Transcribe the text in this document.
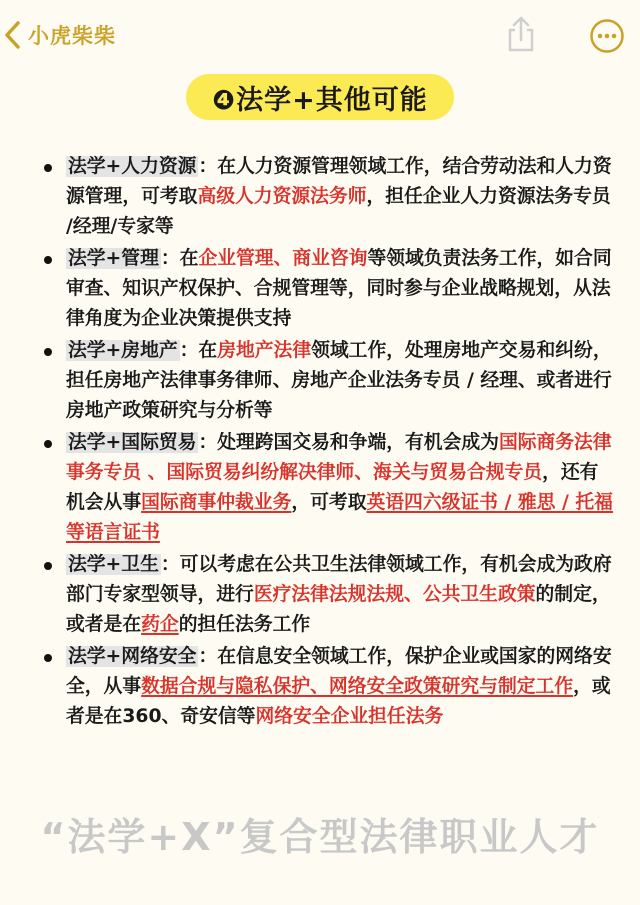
小虎柴柴
❹法学+其他可能
法学+人力资源 ：在人力资源管理领域工作，结合劳动法和人力资源管理，可考取高级人力资源法务师，担任企业人力资源法务专员 /经理/专家等
法学+管理 ：在企业管理、商业咨询等领域负责法务工作，如合同审查、知识产权保护、合规管理等，同时参与企业战略规划，从法律角度为企业决策提供支持
法学+房地产 ：在房地产法律领域工作，处理房地产交易和纠纷，担任房地产法律事务律师、房地产企业法务专员 / 经理、或者进行房地产政策研究与分析等
法学+国际贸易 ：处理跨国交易和争端，有机会成为国际商务法律事务专员 、国际贸易纠纷解决律师、海关与贸易合规专员，还有机会从事国际商事仲裁业务，可考取英语四六级证书 / 雅思 / 托福等语言证书
法学+卫生 ：可以考虑在公共卫生法律领域工作，有机会成为政府部门专家型领导，进行医疗法律法规法规、公共卫生政策的制定，或者是在药企的担任法务工作
法学+网络安全 ：在信息安全领域工作，保护企业或国家的网络安全，从事数据合规与隐私保护、网络安全政策研究与制定工作，或者是在360、奇安信等网络安全企业担任法务
“法学+X”复合型法律职业人才
